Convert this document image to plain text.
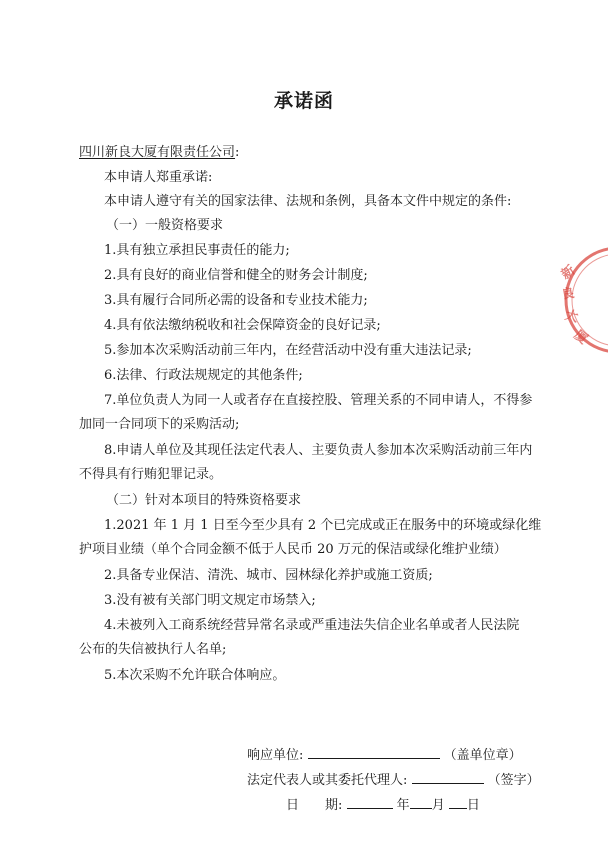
承诺函
四川新良大厦有限责任公司:
本申请人郑重承诺:
本申请人遵守有关的国家法律、法规和条例，具备本文件中规定的条件:
（一）一般资格要求
1.具有独立承担民事责任的能力;
2.具有良好的商业信誉和健全的财务会计制度;
3.具有履行合同所必需的设备和专业技术能力;
4.具有依法缴纳税收和社会保障资金的良好记录;
5.参加本次采购活动前三年内，在经营活动中没有重大违法记录;
6.法律、行政法规规定的其他条件;
7.单位负责人为同一人或者存在直接控股、管理关系的不同申请人，不得参
加同一合同项下的采购活动;
8.申请人单位及其现任法定代表人、主要负责人参加本次采购活动前三年内
不得具有行贿犯罪记录。
（二）针对本项目的特殊资格要求
1.2021 年 1 月 1 日至今至少具有 2 个已完成或正在服务中的环境或绿化维
护项目业绩（单个合同金额不低于人民币 20 万元的保洁或绿化维护业绩）
2.具备专业保洁、清洗、城市、园林绿化养护或施工资质;
3.没有被有关部门明文规定市场禁入;
4.未被列入工商系统经营异常名录或严重违法失信企业名单或者人民法院
公布的失信被执行人名单;
5.本次采购不允许联合体响应。
响应单位:	（盖单位章）
法定代表人或其委托代理人:	（签字）
日　　期:	年 月 日
新
良
大
厦
